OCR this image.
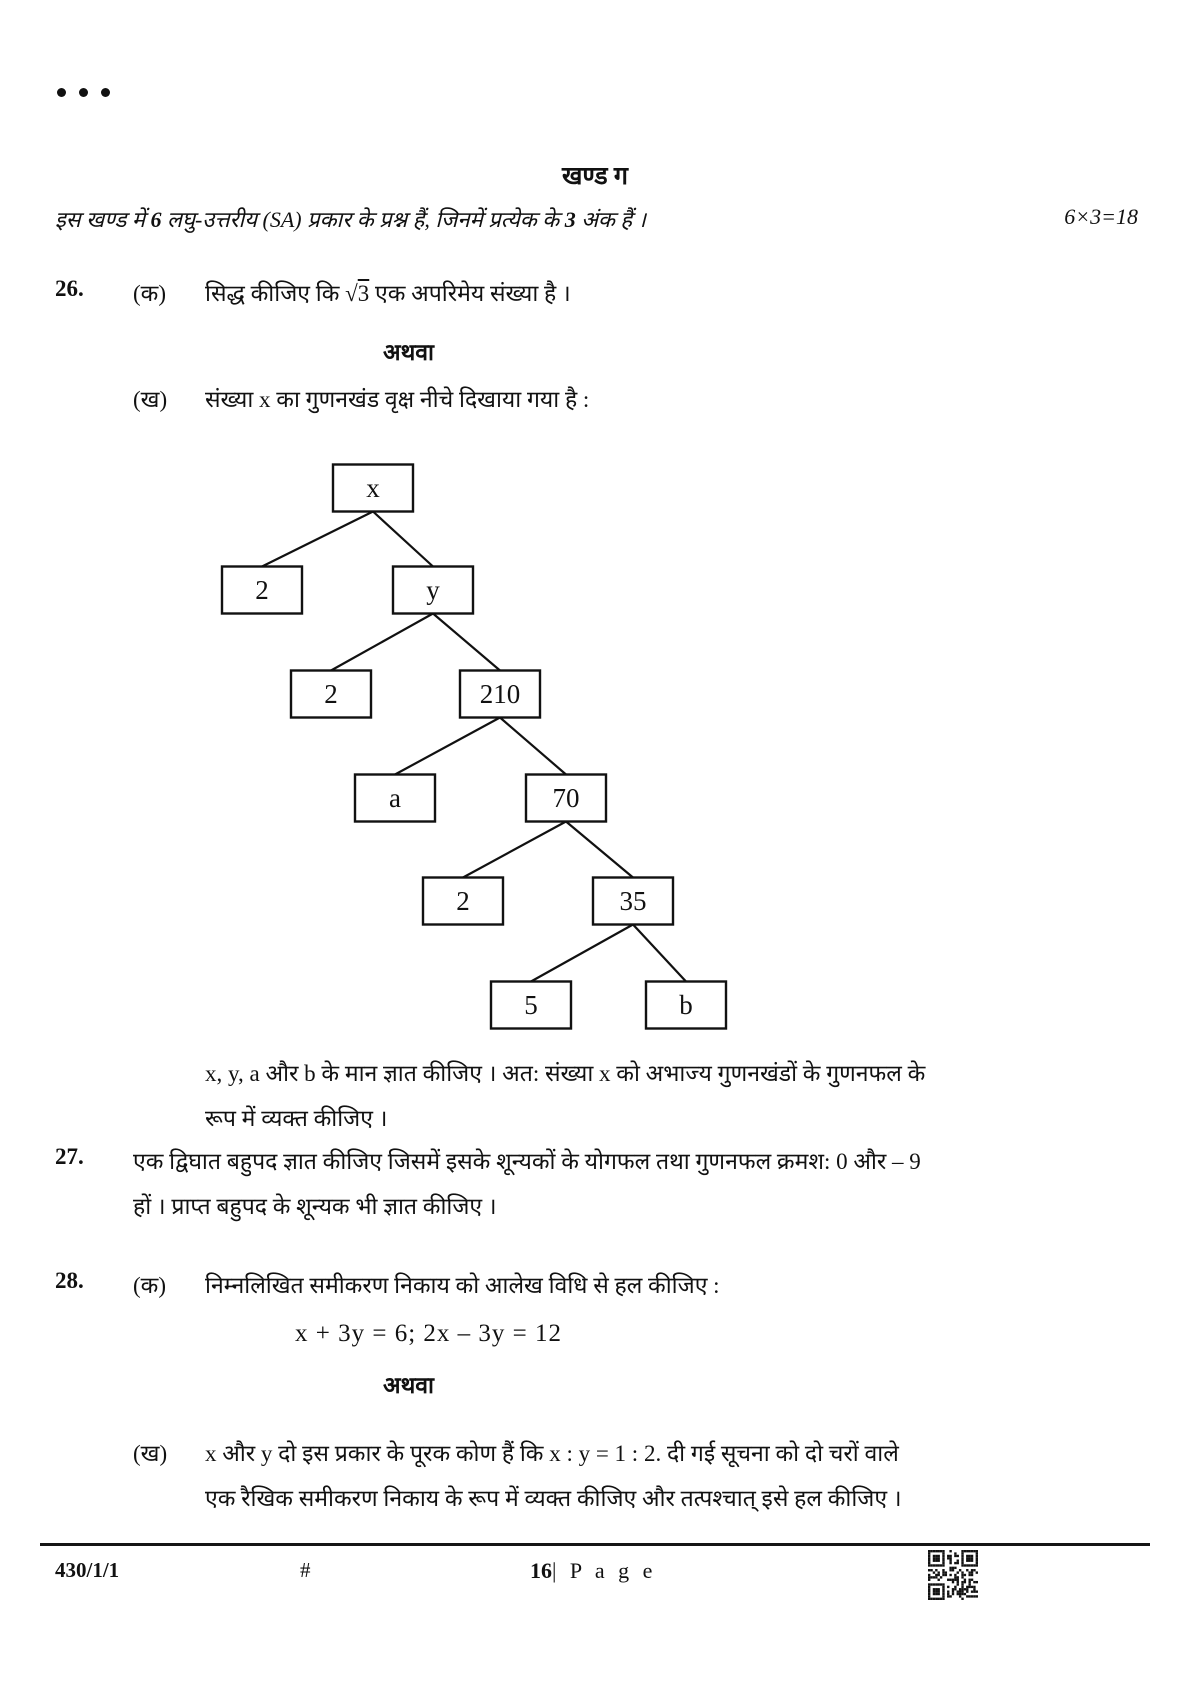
खण्ड ग
इस खण्ड में 6 लघु-उत्तरीय (SA) प्रकार के प्रश्न हैं, जिनमें प्रत्येक के 3 अंक हैं ।	6×3=18
26.	(क)	सिद्ध कीजिए कि √3 एक अपरिमेय संख्या है ।
अथवा
(ख)	संख्या x का गुणनखंड वृक्ष नीचे दिखाया गया है :
x
2	y
2	210
a	70
2	35
5	b
x, y, a और b के मान ज्ञात कीजिए । अत: संख्या x को अभाज्य गुणनखंडों के गुणनफल के
रूप में व्यक्त कीजिए ।
27.	एक द्विघात बहुपद ज्ञात कीजिए जिसमें इसके शून्यकों के योगफल तथा गुणनफल क्रमश: 0 और – 9
हों । प्राप्त बहुपद के शून्यक भी ज्ञात कीजिए ।
28.	(क)	निम्नलिखित समीकरण निकाय को आलेख विधि से हल कीजिए :
x + 3y = 6; 2x – 3y = 12
अथवा
(ख)	x और y दो इस प्रकार के पूरक कोण हैं कि x : y = 1 : 2. दी गई सूचना को दो चरों वाले
एक रैखिक समीकरण निकाय के रूप में व्यक्त कीजिए और तत्पश्चात् इसे हल कीजिए ।
430/1/1	#	16| P a g e
